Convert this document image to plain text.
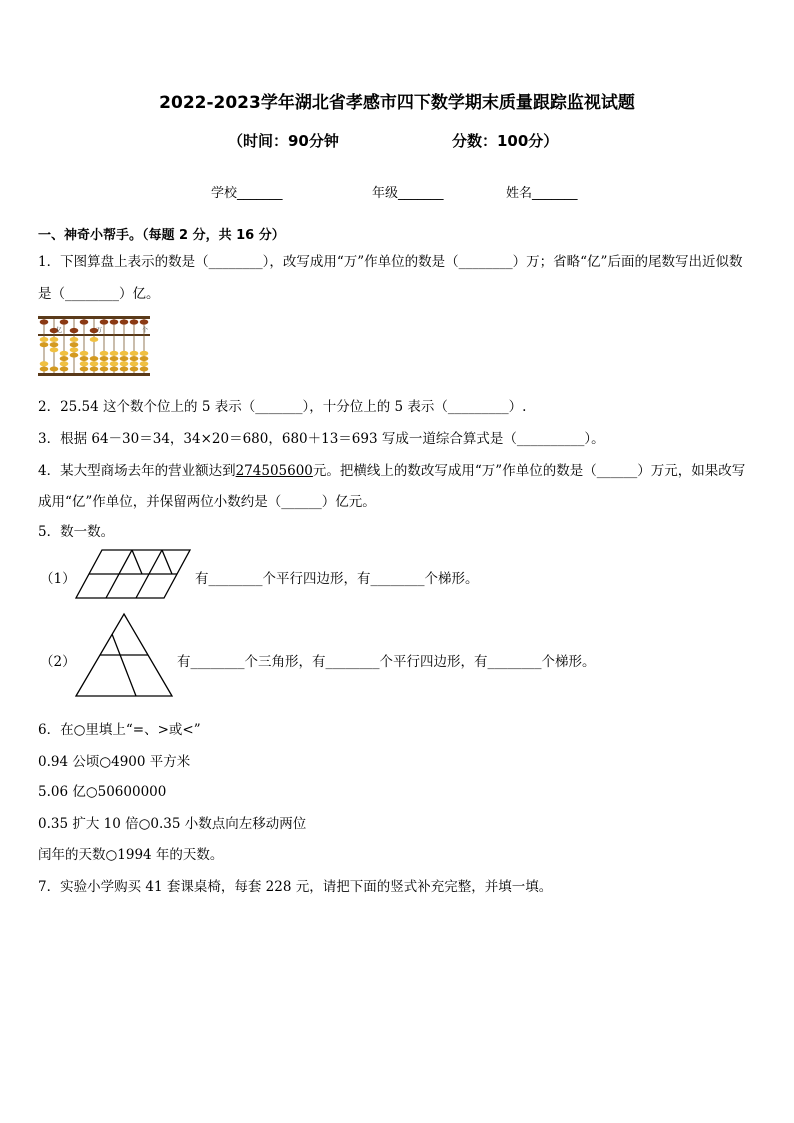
2022-2023学年湖北省孝感市四下数学期末质量跟踪监视试题
（时间：90分钟	分数：100分）
学校_______	年级_______	姓名_______
一、神奇小帮手。（每题 2 分，共 16 分）
1．下图算盘上表示的数是（________），改写成用“万”作单位的数是（________）万；省略“亿”后面的尾数写出近似数
是（________）亿。
亿	万	个
2．25.54 这个数个位上的 5 表示（_______），十分位上的 5 表示（_________）.
3．根据 64－30＝34，34×20＝680，680＋13＝693 写成一道综合算式是（__________）。
4．某大型商场去年的营业额达到274505600元。把横线上的数改写成用“万”作单位的数是（______）万元，如果改写
成用“亿”作单位，并保留两位小数约是（______）亿元。
5．数一数。
（1）	有________个平行四边形，有________个梯形。
（2）	有________个三角形，有________个平行四边形，有________个梯形。
6．在○里填上“=、>或<”
0.94 公顷○4900 平方米
5.06 亿○50600000
0.35 扩大 10 倍○0.35 小数点向左移动两位
闰年的天数○1994 年的天数。
7．实验小学购买 41 套课桌椅，每套 228 元，请把下面的竖式补充完整，并填一填。
